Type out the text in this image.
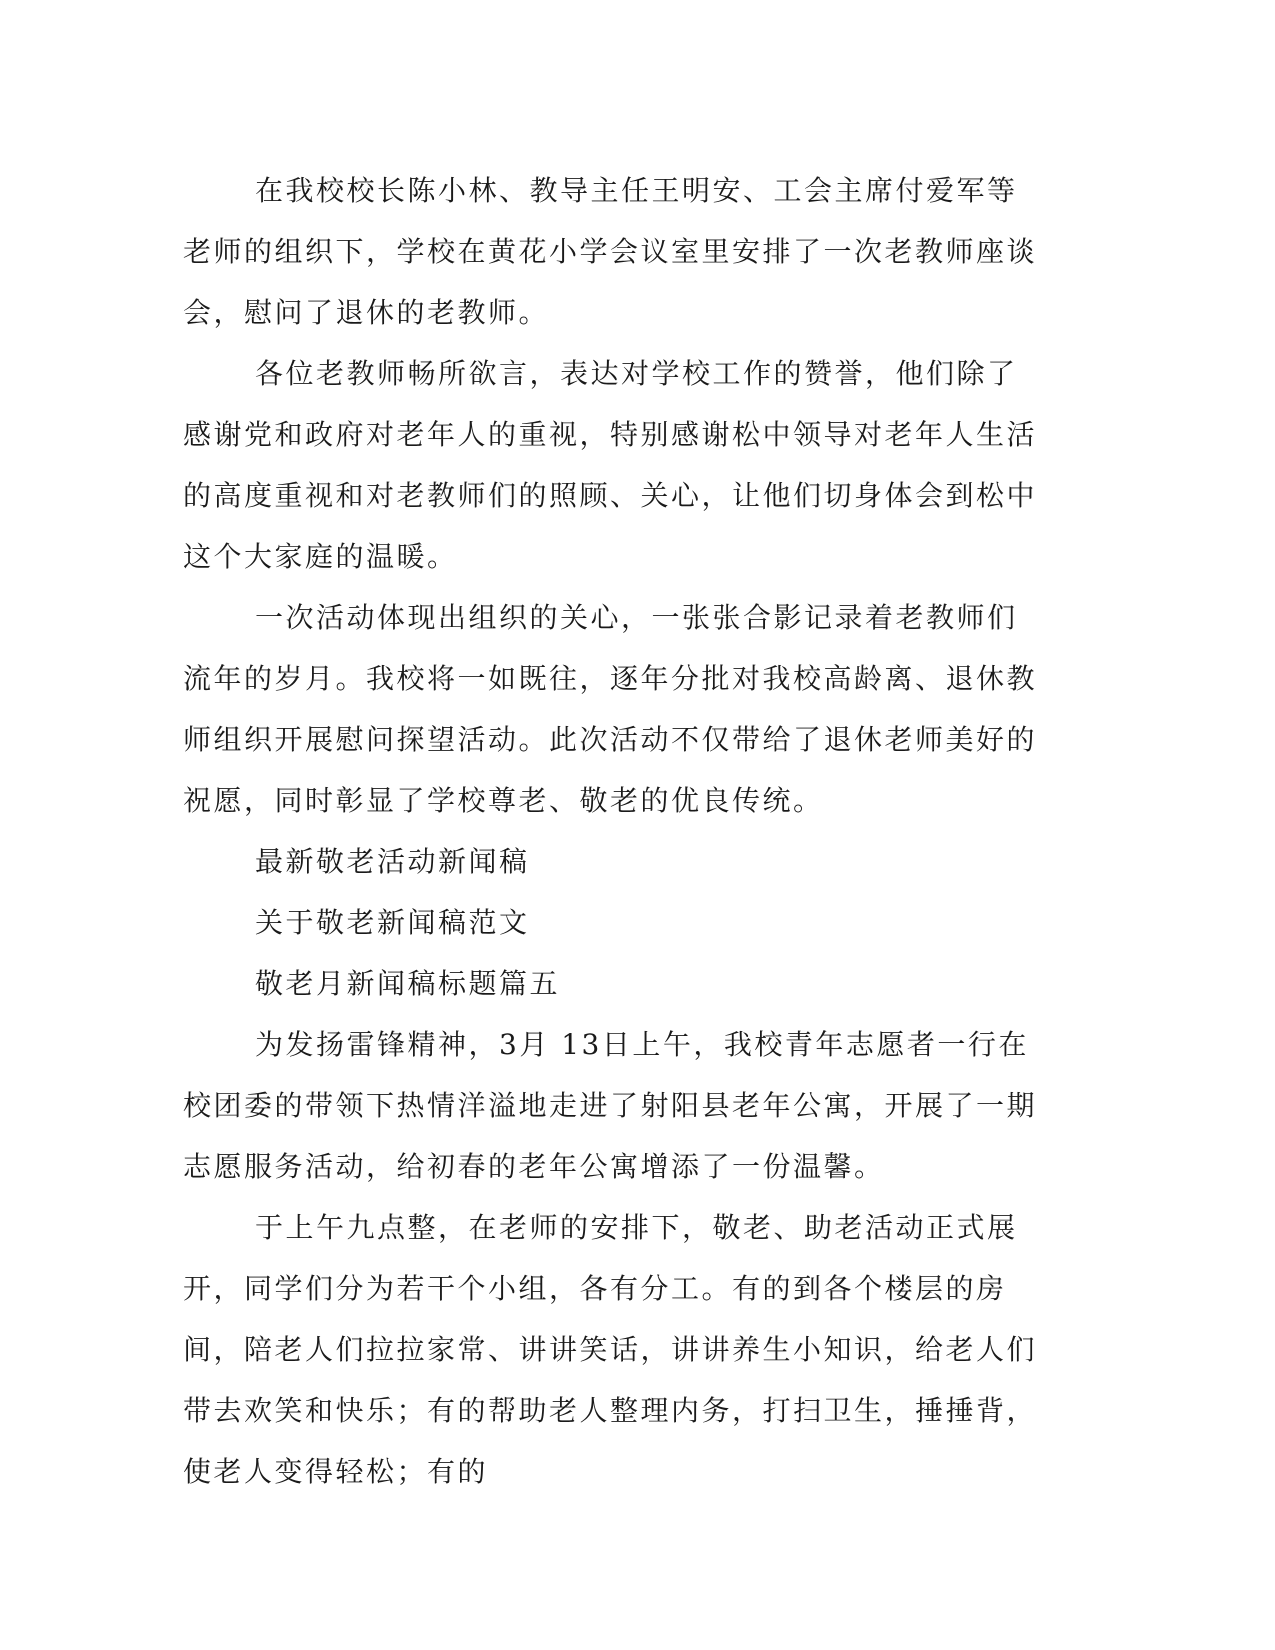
在我校校长陈小林、教导主任王明安、工会主席付爱军等老师的组织下，学校在黄花小学会议室里安排了一次老教师座谈会，慰问了退休的老教师。

各位老教师畅所欲言，表达对学校工作的赞誉，他们除了感谢党和政府对老年人的重视，特别感谢松中领导对老年人生活的高度重视和对老教师们的照顾、关心，让他们切身体会到松中这个大家庭的温暖。

一次活动体现出组织的关心，一张张合影记录着老教师们流年的岁月。我校将一如既往，逐年分批对我校高龄离、退休教师组织开展慰问探望活动。此次活动不仅带给了退休老师美好的祝愿，同时彰显了学校尊老、敬老的优良传统。

最新敬老活动新闻稿

关于敬老新闻稿范文

敬老月新闻稿标题篇五

为发扬雷锋精神，3月 13日上午，我校青年志愿者一行在校团委的带领下热情洋溢地走进了射阳县老年公寓，开展了一期志愿服务活动，给初春的老年公寓增添了一份温馨。

于上午九点整，在老师的安排下，敬老、助老活动正式展开，同学们分为若干个小组，各有分工。有的到各个楼层的房间，陪老人们拉拉家常、讲讲笑话，讲讲养生小知识，给老人们带去欢笑和快乐；有的帮助老人整理内务，打扫卫生，捶捶背，使老人变得轻松；有的
